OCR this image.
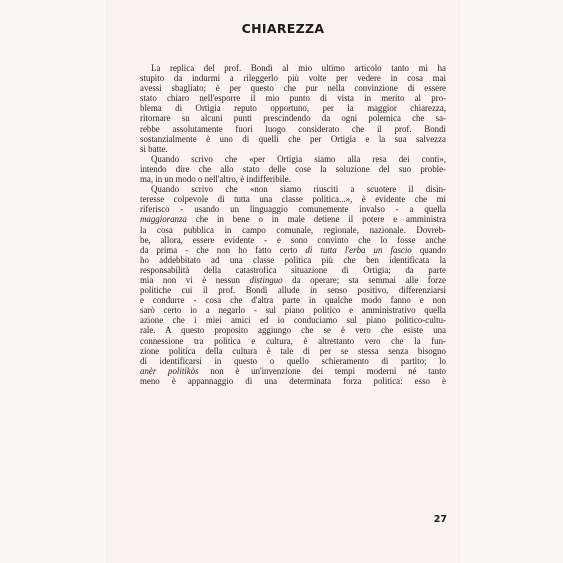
CHIAREZZA
La replica del prof. Bondì al mio ultimo articolo tanto mi ha
stupito da indurmi a rileggerlo più volte per vedere in cosa mai
avessi sbagliato; è per questo che pur nella convinzione di essere
stato chiaro nell'esporre il mio punto di vista in merito al pro-
blema di Ortigia reputo opportuno, per la maggior chiarezza,
ritornare su alcuni punti prescindendo da ogni polemica che sa-
rebbe assolutamente fuori luogo considerato che il prof. Bondì
sostanzialmente è uno di quelli che per Ortigia e la sua salvezza
si batte.
Quando scrivo che «per Ortigia siamo alla resa dei conti»,
intendo dire che allo stato delle cose la soluzione del suo proble-
ma, in un modo o nell'altro, è indifferibile.
Quando scrivo che «non siamo riusciti a scuotere il disin-
teresse colpevole di tutta una classe politica...», è evidente che mi
riferisco - usando un linguaggio comunemente invalso - a quella
maggioranza che in bene o in male detiene il potere e amministra
la cosa pubblica in campo comunale, regionale, nazionale. Dovreb-
be, allora, essere evidente - e sono convinto che lo fosse anche
da prima - che non ho fatto certo di tutta l'erba un fascio quando
ho addebbitato ad una classe politica più che ben identificata la
responsabilità della catastrofica situazione di Ortigia; da parte
mia non vi è nessun distinguo da operare; sta semmai alle forze
politiche cui il prof. Bondì allude in senso positivo, differenziarsi
e condurre - cosa che d'altra parte in qualche modo fanno e non
sarò certo io a negarlo - sul piano politico e amministrativo quella
azione che i miei amici ed io conduciamo sul piano politico-cultu-
rale. A questo proposito aggiungo che se è vero che esiste una
connessione tra politica e cultura, è altrettanto vero che la fun-
zione politica della cultura è tale di per se stessa senza bisogno
di identificarsi in questo o quello schieramento di partito; lo
anèr politikòs non è un'invenzione dei tempi moderni né tanto
meno è appannaggio di una determinata forza politica: esso è
27
